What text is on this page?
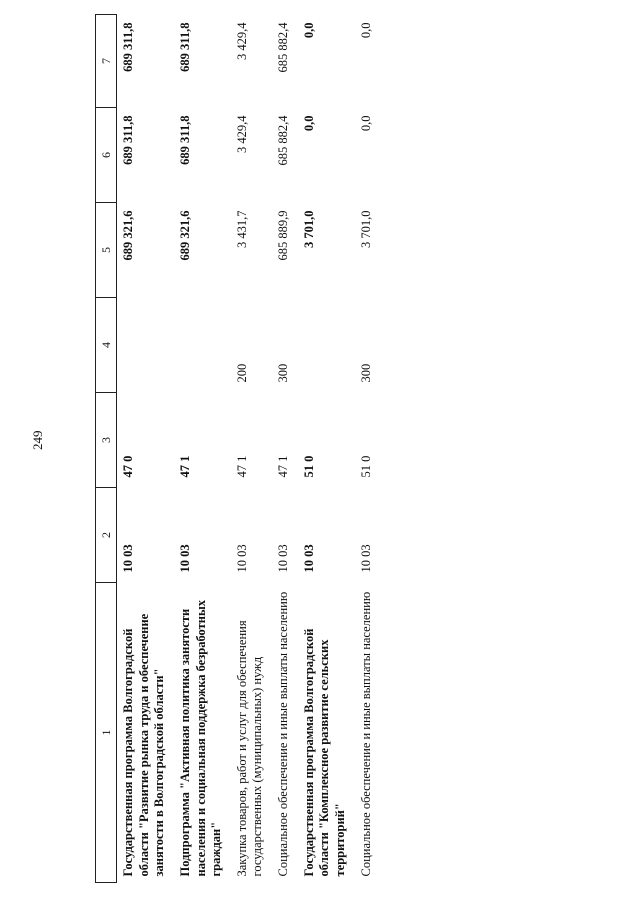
249
1	2	3	4	5	6	7
Государственная программа Волгоградской области "Развитие рынка труда и обеспечение занятости в Волгоградской области"	10 03	47 0		689 321,6	689 311,8	689 311,8
Подпрограмма "Активная политика занятости населения и социальная поддержка безработных граждан"	10 03	47 1		689 321,6	689 311,8	689 311,8
Закупка товаров, работ и услуг для обеспечения государственных (муниципальных) нужд	10 03	47 1	200	3 431,7	3 429,4	3 429,4
Социальное обеспечение и иные выплаты населению	10 03	47 1	300	685 889,9	685 882,4	685 882,4
Государственная программа Волгоградской области "Комплексное развитие сельских территорий"	10 03	51 0		3 701,0	0,0	0,0
Социальное обеспечение и иные выплаты населению	10 03	51 0	300	3 701,0	0,0	0,0
